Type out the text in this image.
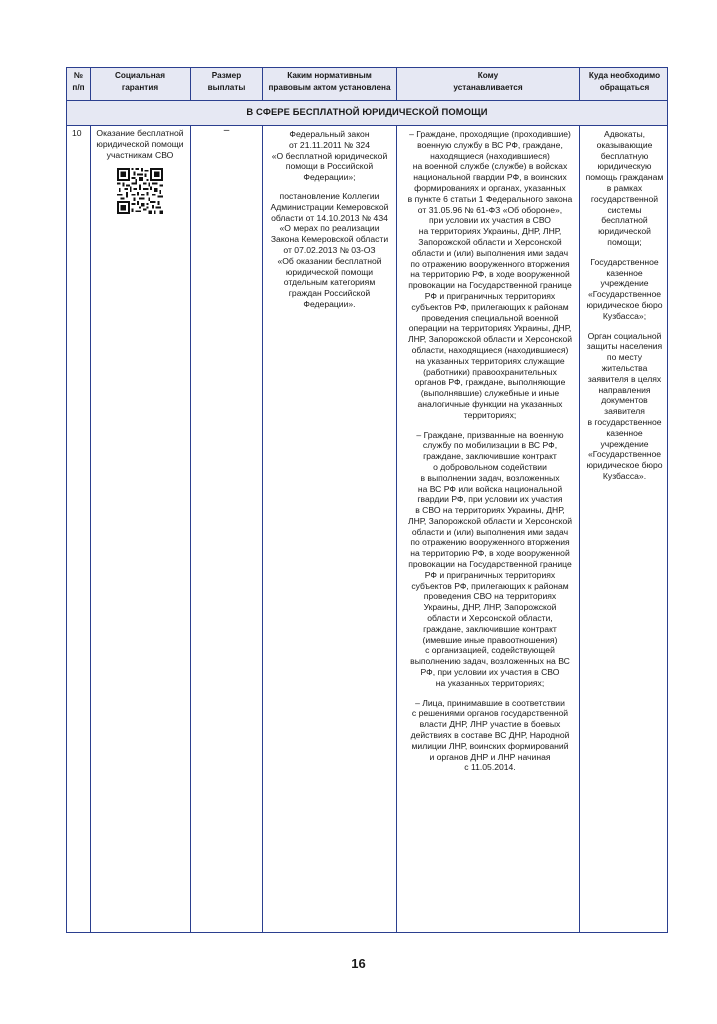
№
п/п
Социальная
гарантия
Размер
выплаты
Каким нормативным
правовым актом установлена
Кому
устанавливается
Куда необходимо
обращаться
В СФЕРЕ БЕСПЛАТНОЙ ЮРИДИЧЕСКОЙ ПОМОЩИ
10	Оказание бесплатной
юридической помощи
участникам СВО
–	Федеральный закон
от 21.11.2011 № 324
«О бесплатной юридической
помощи в Российской
Федерации»;
постановление Коллегии
Администрации Кемеровской
области от 14.10.2013 № 434
«О мерах по реализации
Закона Кемеровской области
от 07.02.2013 № 03-ОЗ
«Об оказании бесплатной
юридической помощи
отдельным категориям
граждан Российской
Федерации».
– Граждане, проходящие (проходившие)
военную службу в ВС РФ, граждане,
находящиеся (находившиеся)
на военной службе (службе) в войсках
национальной гвардии РФ, в воинских
формированиях и органах, указанных
в пункте 6 статьи 1 Федерального закона
от 31.05.96 № 61-ФЗ «Об обороне»,
при условии их участия в СВО
на территориях Украины, ДНР, ЛНР,
Запорожской области и Херсонской
области и (или) выполнения ими задач
по отражению вооруженного вторжения
на территорию РФ, в ходе вооруженной
провокации на Государственной границе
РФ и приграничных территориях
субъектов РФ, прилегающих к районам
проведения специальной военной
операции на территориях Украины, ДНР,
ЛНР, Запорожской области и Херсонской
области, находящиеся (находившиеся)
на указанных территориях служащие
(работники) правоохранительных
органов РФ, граждане, выполняющие
(выполнявшие) служебные и иные
аналогичные функции на указанных
территориях;
– Граждане, призванные на военную
службу по мобилизации в ВС РФ,
граждане, заключившие контракт
о добровольном содействии
в выполнении задач, возложенных
на ВС РФ или войска национальной
гвардии РФ, при условии их участия
в СВО на территориях Украины, ДНР,
ЛНР, Запорожской области и Херсонской
области и (или) выполнения ими задач
по отражению вооруженного вторжения
на территорию РФ, в ходе вооруженной
провокации на Государственной границе
РФ и приграничных территориях
субъектов РФ, прилегающих к районам
проведения СВО на территориях
Украины, ДНР, ЛНР, Запорожской
области и Херсонской области,
граждане, заключившие контракт
(имевшие иные правоотношения)
с организацией, содействующей
выполнению задач, возложенных на ВС
РФ, при условии их участия в СВО
на указанных территориях;
– Лица, принимавшие в соответствии
с решениями органов государственной
власти ДНР, ЛНР участие в боевых
действиях в составе ВС ДНР, Народной
милиции ЛНР, воинских формирований
и органов ДНР и ЛНР начиная
с 11.05.2014.
Адвокаты,
оказывающие
бесплатную
юридическую
помощь гражданам
в рамках
государственной
системы
бесплатной
юридической
помощи;
Государственное
казенное
учреждение
«Государственное
юридическое бюро
Кузбасса»;
Орган социальной
защиты населения
по месту
жительства
заявителя в целях
направления
документов
заявителя
в государственное
казенное
учреждение
«Государственное
юридическое бюро
Кузбасса».
16
